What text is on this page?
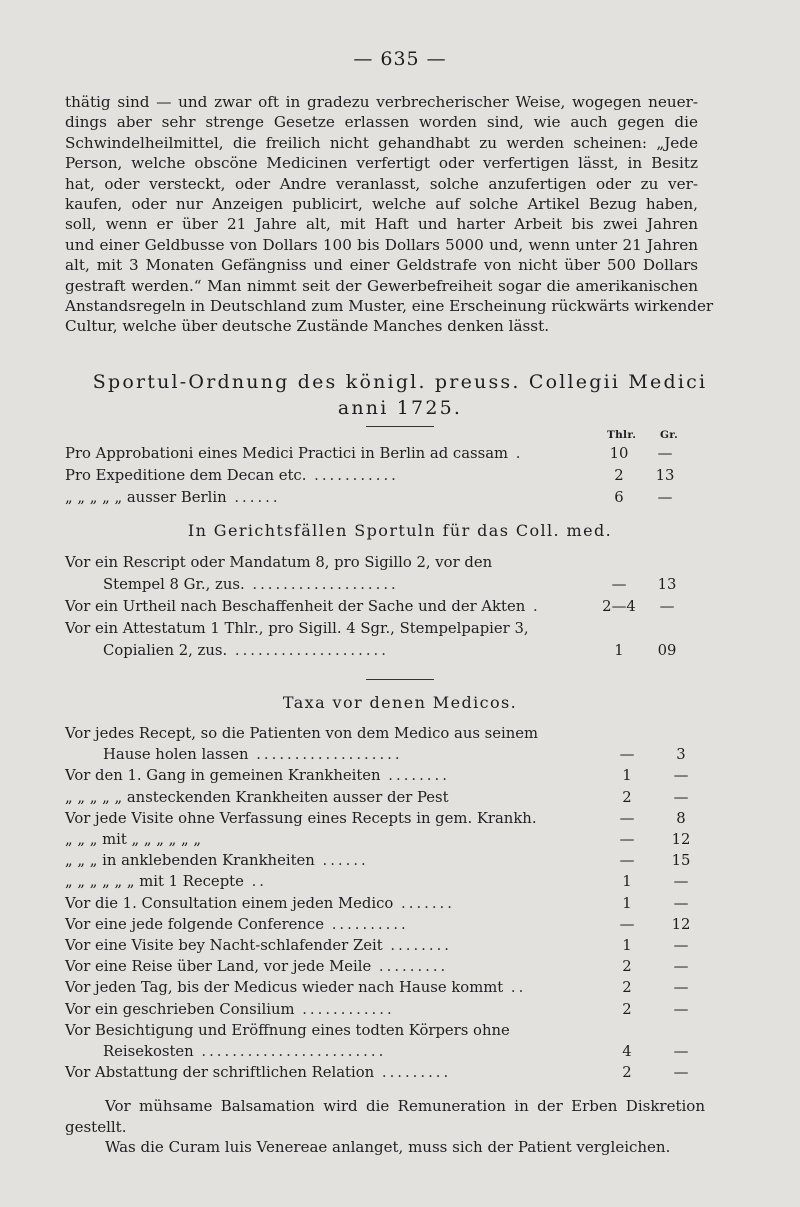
— 635 —
thätig sind — und zwar oft in gradezu verbrecherischer Weise, wogegen neuer-
dings aber sehr strenge Gesetze erlassen worden sind, wie auch gegen die
Schwindelheilmittel, die freilich nicht gehandhabt zu werden scheinen: „Jede
Person, welche obscöne Medicinen verfertigt oder verfertigen lässt, in Besitz
hat, oder versteckt, oder Andre veranlasst, solche anzufertigen oder zu ver-
kaufen, oder nur Anzeigen publicirt, welche auf solche Artikel Bezug haben,
soll, wenn er über 21 Jahre alt, mit Haft und harter Arbeit bis zwei Jahren
und einer Geldbusse von Dollars 100 bis Dollars 5000 und, wenn unter 21 Jahren
alt, mit 3 Monaten Gefängniss und einer Geldstrafe von nicht über 500 Dollars
gestraft werden.“ Man nimmt seit der Gewerbefreiheit sogar die amerikanischen
Anstandsregeln in Deutschland zum Muster, eine Erscheinung rückwärts wirkender
Cultur, welche über deutsche Zustände Manches denken lässt.
Sportul-Ordnung des königl. preuss. Collegii Medici
anni 1725.
Thlr. Gr.
Pro Approbationi eines Medici Practici in Berlin ad cassam .	10	—
Pro Expeditione dem Decan etc. ...........	2	13
„ „ „ „ „ ausser Berlin ......	6	—
In Gerichtsfällen Sportuln für das Coll. med.
Vor ein Rescript oder Mandatum 8, pro Sigillo 2, vor den
Stempel 8 Gr., zus. ...................	—	13
Vor ein Urtheil nach Beschaffenheit der Sache und der Akten .	2—4	—
Vor ein Attestatum 1 Thlr., pro Sigill. 4 Sgr., Stempelpapier 3,
Copialien 2, zus. ....................	1	09
Taxa vor denen Medicos.
Vor jedes Recept, so die Patienten von dem Medico aus seinem
Hause holen lassen ...................	—	3
Vor den 1. Gang in gemeinen Krankheiten ........	1	—
„ „ „ „ „ ansteckenden Krankheiten ausser der Pest	2	—
Vor jede Visite ohne Verfassung eines Recepts in gem. Krankh.	—	8
„ „ „ mit „ „ „ „ „ „	—	12
„ „ „ in anklebenden Krankheiten ......	—	15
„ „ „ „ „ „ mit 1 Recepte ..	1	—
Vor die 1. Consultation einem jeden Medico .......	1	—
Vor eine jede folgende Conference ..........	—	12
Vor eine Visite bey Nacht-schlafender Zeit ........	1	—
Vor eine Reise über Land, vor jede Meile .........	2	—
Vor jeden Tag, bis der Medicus wieder nach Hause kommt ..	2	—
Vor ein geschrieben Consilium ............	2	—
Vor Besichtigung und Eröffnung eines todten Körpers ohne
Reisekosten ........................	4	—
Vor Abstattung der schriftlichen Relation .........	2	—
Vor mühsame Balsamation wird die Remuneration in der Erben Diskretion
gestellt.
Was die Curam luis Venereae anlanget, muss sich der Patient vergleichen.
